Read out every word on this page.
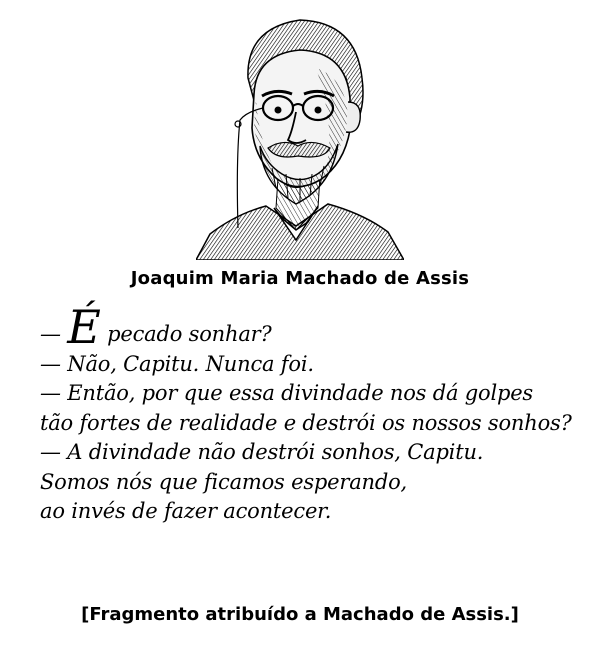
Joaquim Maria Machado de Assis
— É pecado sonhar?
— Não, Capitu. Nunca foi.
— Então, por que essa divindade nos dá golpes
tão fortes de realidade e destrói os nossos sonhos?
— A divindade não destrói sonhos, Capitu.
Somos nós que ficamos esperando,
ao invés de fazer acontecer.
[Fragmento atribuído a Machado de Assis.]
